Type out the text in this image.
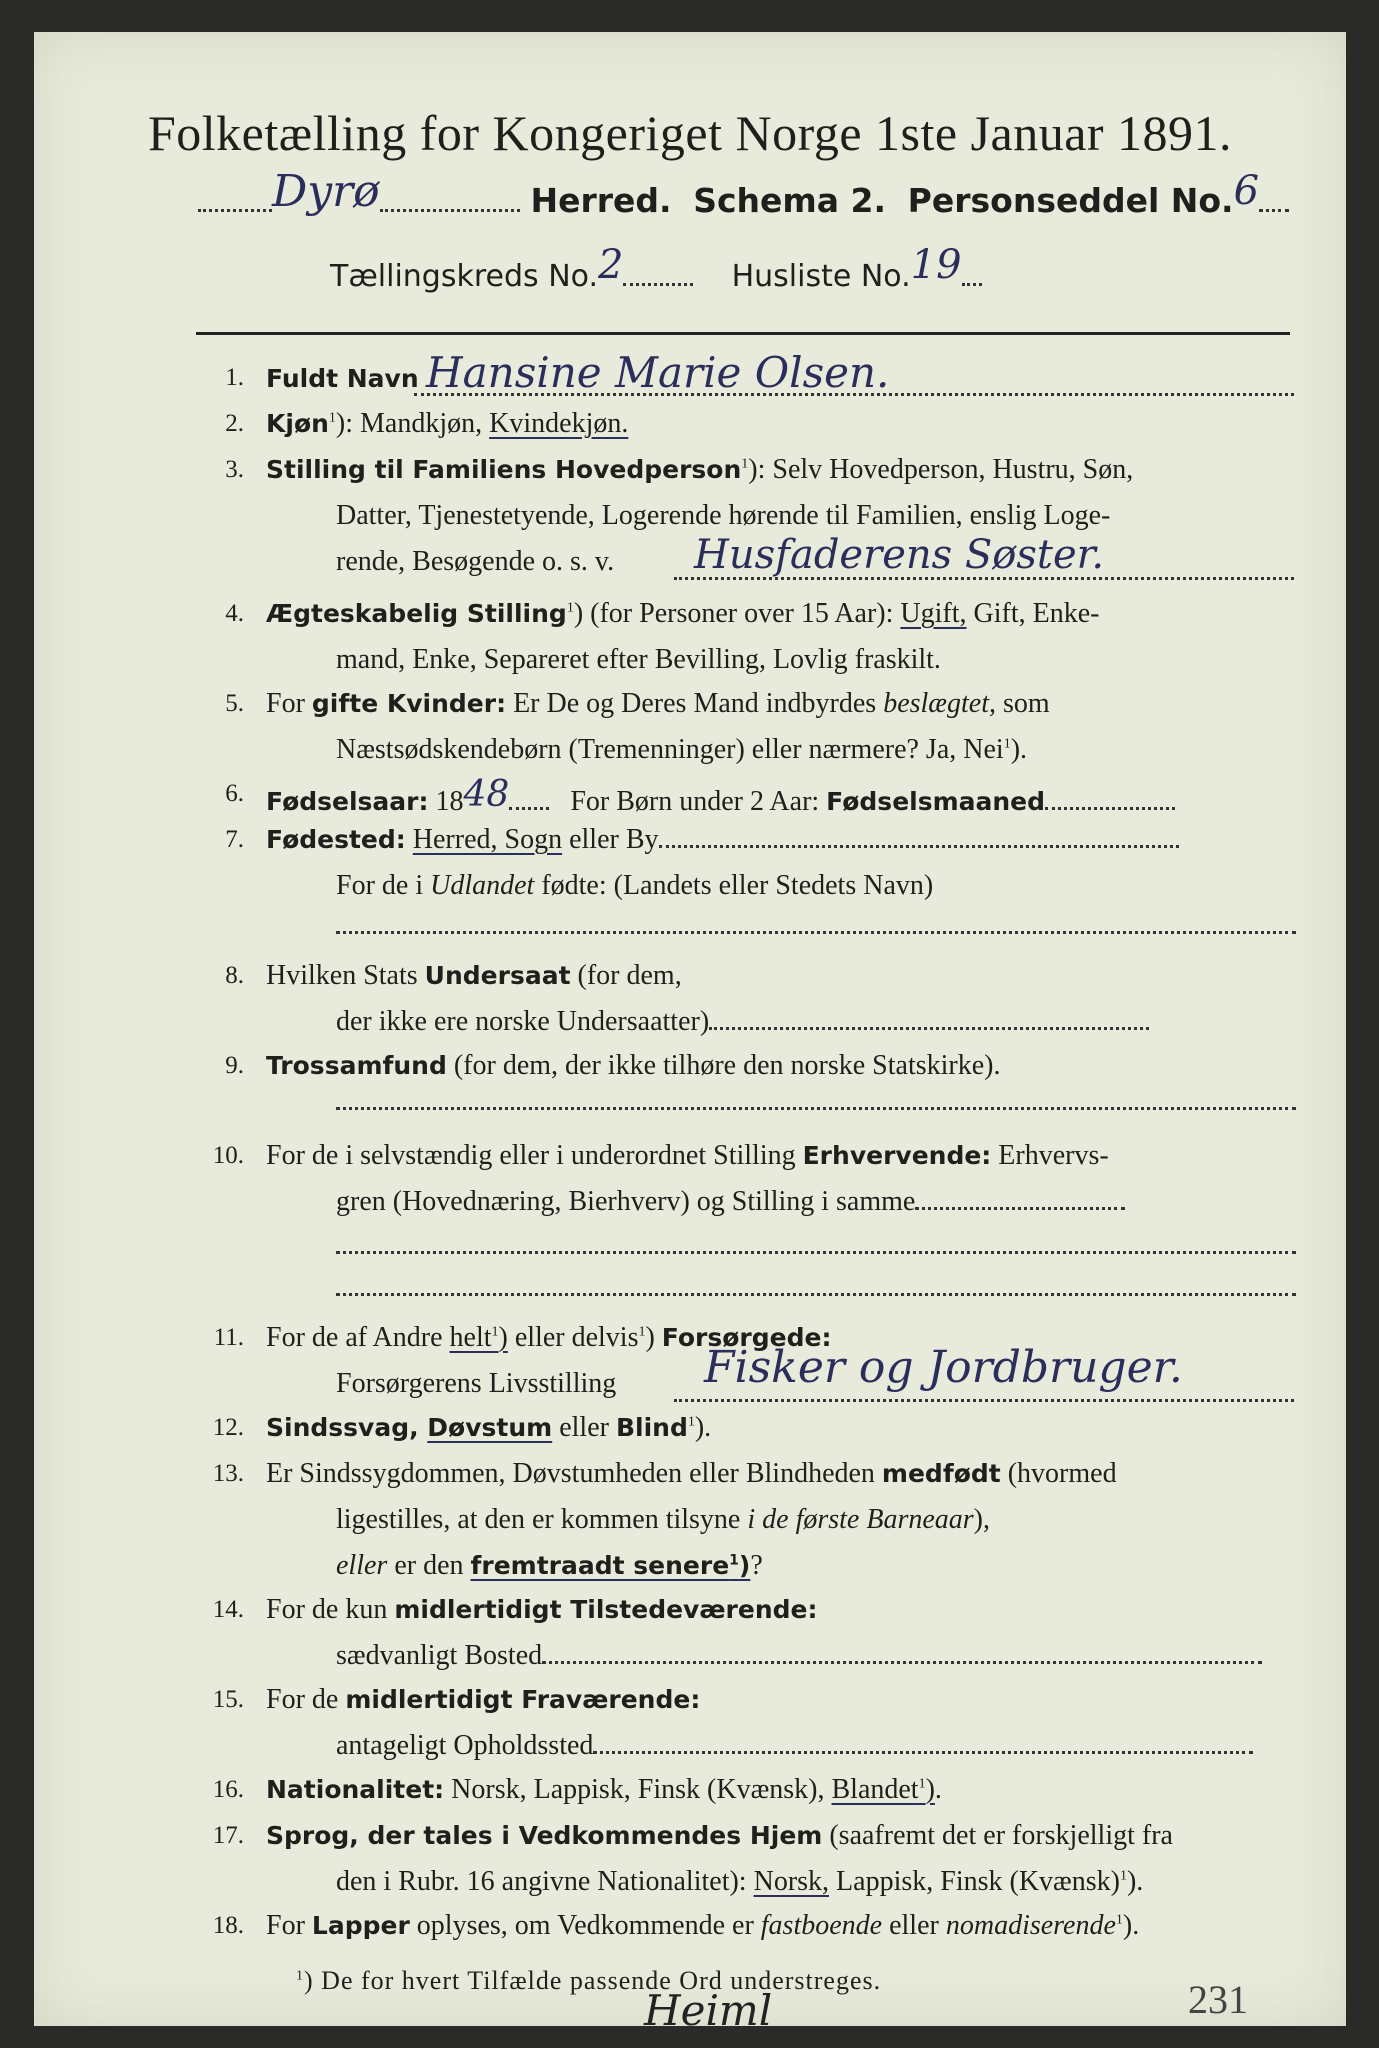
Folketælling for Kongeriget Norge 1ste Januar 1891.
Dyrø	Herred. Schema 2. Personseddel No.6
Tællingskreds No.2	Husliste No.19
1. Fuldt Navn Hansine Marie Olsen.
2. Kjøn$^1$): Mandkjøn, Kvindekjøn.
3. Stilling til Familiens Hovedperson$^1$): Selv Hovedperson, Hustru, Søn,
Datter, Tjenestetyende, Logerende hørende til Familien, enslig Loge-
rende, Besøgende o. s. v. Husfaderens Søster.
4. Ægteskabelig Stilling$^1$) (for Personer over 15 Aar): Ugift, Gift, Enke-
mand, Enke, Separeret efter Bevilling, Lovlig fraskilt.
5. For gifte Kvinder: Er De og Deres Mand indbyrdes beslægtet, som
Næstsødskendebørn (Tremenninger) eller nærmere? Ja, Nei$^1$).
6. Fødselsaar: 1848 For Børn under 2 Aar: Fødselsmaaned
7. Fødested: Herred, Sogn eller By
For de i Udlandet fødte: (Landets eller Stedets Navn)
8. Hvilken Stats Undersaat (for dem,
der ikke ere norske Undersaatter)
9. Trossamfund (for dem, der ikke tilhøre den norske Statskirke).
10. For de i selvstændig eller i underordnet Stilling Erhvervende: Erhvervs-
gren (Hovednæring, Bierhverv) og Stilling i samme
11. For de af Andre helt$^1$) eller delvis$^1$) Forsørgede:
Forsørgerens Livsstilling Fisker og Jordbruger.
12. Sindssvag, Døvstum eller Blind$^1$).
13. Er Sindssygdommen, Døvstumheden eller Blindheden medfødt (hvormed
ligestilles, at den er kommen tilsyne i de første Barneaar),
eller er den fremtraadt senere$^1$)?
14. For de kun midlertidigt Tilstedeværende:
sædvanligt Bosted
15. For de midlertidigt Fraværende:
antageligt Opholdssted
16. Nationalitet: Norsk, Lappisk, Finsk (Kvænsk), Blandet$^1$).
17. Sprog, der tales i Vedkommendes Hjem (saafremt det er forskjelligt fra
den i Rubr. 16 angivne Nationalitet): Norsk, Lappisk, Finsk (Kvænsk)$^1$).
18. For Lapper oplyses, om Vedkommende er fastboende eller nomadiserende$^1$).
$^1$) De for hvert Tilfælde passende Ord understreges.
Heiml	231
